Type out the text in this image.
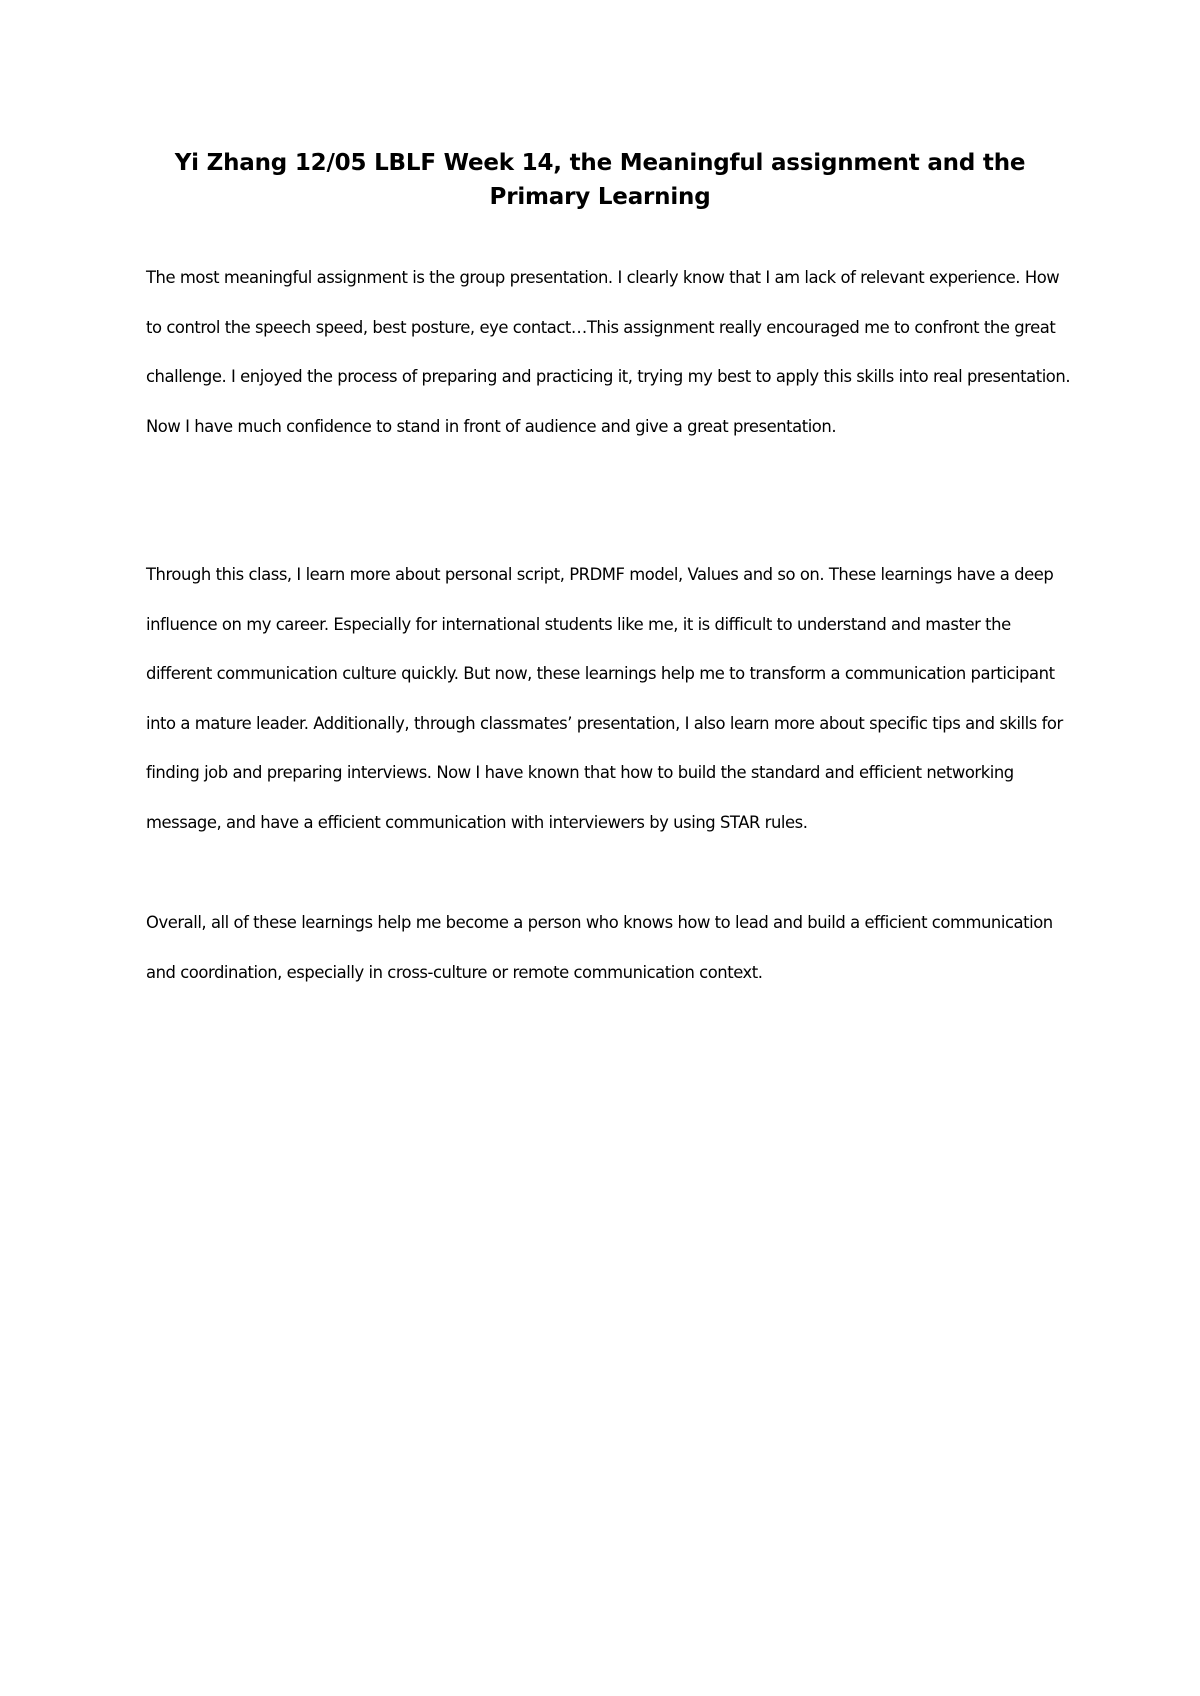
Yi Zhang 12/05 LBLF Week 14, the Meaningful assignment and the Primary Learning

The most meaningful assignment is the group presentation. I clearly know that I am lack of relevant experience. How to control the speech speed, best posture, eye contact…This assignment really encouraged me to confront the great challenge. I enjoyed the process of preparing and practicing it, trying my best to apply this skills into real presentation. Now I have much confidence to stand in front of audience and give a great presentation.

Through this class, I learn more about personal script, PRDMF model, Values and so on. These learnings have a deep influence on my career. Especially for international students like me, it is difficult to understand and master the different communication culture quickly. But now, these learnings help me to transform a communication participant into a mature leader. Additionally, through classmates’ presentation, I also learn more about specific tips and skills for finding job and preparing interviews. Now I have known that how to build the standard and efficient networking message, and have a efficient communication with interviewers by using STAR rules.

Overall, all of these learnings help me become a person who knows how to lead and build a efficient communication and coordination, especially in cross-culture or remote communication context.
